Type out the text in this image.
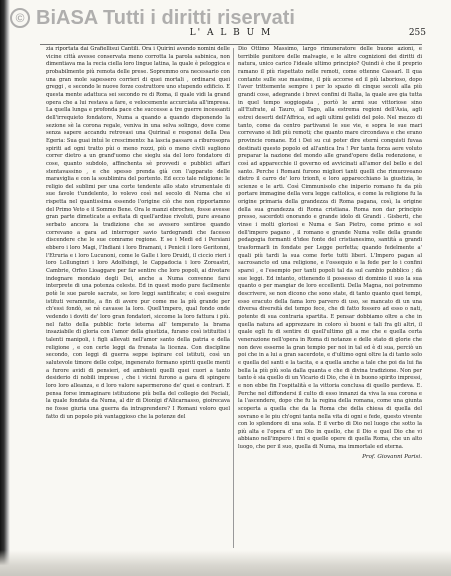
© BiASA Tutti i diritti riservati
L' A L B U M	255

zia riportata dai Grafiellisui Cantili. Ora i Quirini avendo nominì delle vicine città avesse conservata meno corrotta la parola sabinica, non dimentiava ma la recia ciella loro lingue latina, la quale è peloggica e probabilmente più remota delle prese. Sopremmo ora necessario con una gran mole sapessero corrieri di quei mortali , ordinarsi quei greggi , e secondo le nuove forze costruttore uno stupendo edificio. E questa mente adattuca sei secondo re di Roma, il quale vidi la grand opera che a lui restava a fare, e velocemente accurciata all'impresa. La quella lunga e profonda pace che successe a tre guerre incessanti dell'irrequieto fondatore, Numa a quando a quando disponendo la sezione sè la corona regale, veniva in una selva solingo, dove come senza sapere accandu retrovasi una Quirinal e responsi della Dea Egeria: Sua guai intuì le crescimento: ha lascia passare a riburosopra spiriti ad ogni tratto pùi o meno rozzi, più o meno civili sugliono correr dietro a un grand'uomo che sieglu sia del loro fondatore di cose, quanto subdolo, affinchenta sè provvedi e pubblici affari stentavassino , e che spesso prenda già con l'apparato delle maraviglia e con la soublimira del portento. Ed ecco tale religione: le religio del sublimi per una corte tendente allo stato strumentale di sue favole t'undelento, lo volevo così nel secolo di Numa che si rispetta nel quantissima essendo l'origine ciò che non ripportamno del Primo Veto e il Sommo Bene. Ora le manzi ebrochee, fosse avesse gran parte dimeticate a evitata di quell'ardiue rivoluti, pure aveano serbato ancora la tradizione che se avesero sentiroe quando correvano a gara ad interroger savio tardegrandi che facesso discendere che le sue comrame regione. E se i Medi ed i Persiani ebbero i loro Magi, l'Indiani i loro Bramani, i Penicii i loro Geritonni, l'Etruria e i loro Lucunoni, come le Galle i loro Druidi, il ciccio rieri i loro Lollunginri i loro Adolfsingi, le Cappadocia i loro Zoreastri, Cambrie, Orfeo Lioaggare per far sentire che loro popoli, ai divotare indegnare mondaio degli Dei, anche a Numa convenne farsi interprete di una potenza celeste. Ed in quest modo pure facilmente potè le sue parole sacrate, se loro leggi santificate; e così eseguire istituti verammite, a fin di avere pur come me la più grande per ch'essi fondò, se nè cavasse la loro. Quell'impero, qual fondo onde vedendo i doviti de' loro gran fondatori, siccome la loro fattura i più. nel fatto della pubblic forte ieterna all' temperato la brama insaziabile di gloria con l'amor della giustizia, furano così istituitisi i talenti manipoli, i figli allevati nell'amor santo della patria e della religione , e con certe leggi da frenata la licenza. Con discipline secondo, con leggi di guerra seppe ispirare col istituti, così un salutevole timore delle colpe, ingenerato formano spiriti quelle menti a furore avidi di pensieri, ed ambienti quelli quei cuori a tanto desiderio di nobili imprese , che i vicini furono a gara di spingere loro loro alleanza, e d loro valore sapermerono de' quei e contrari. E pensa forse immaginare istituzione più bella del collegio dei Feciali, la quale fondata da Numa, al dir di Dionigi d'Alicarnasso, gioirecava ne fosse giuria una guerra da intraprendere? I Romani voloro quel fatto di un popolo più vantaggioso che la potenze del

Dio Ottimo Massimo, largo rimuneratore delle buone azioni, e terribile punitore delle malvagie, e le altre cognizioni dei diritti di natura, unico carico l'ideale ultimo principio? Quindi è che il preprio ramano il più rispettato nelle remoti, come ottenne Cassarl. Il qua contante sulle sue massime, il più accorse ed il più laborioso, dopo l'aver trittemente sempre i per lo spazio di cinque secoli alla più grandi cose, adegrande i brevi confini di Italia, la quale ave gia tutta in quel tempo soggiogata , portò le armi sue vittoriose sino all'Eufrate, al Tauro, al Tago, alla estrema regioni dell'Asia, agli estrei deserti dell'Affrica, ed agli ultimi gelidi del polo. Nel mezzo di tanto, come da centro partivansi le sue vie, e sopra le sue mari correvano si lidi più remoti; che quanto mare circondava e che erano provincie romane. Ed i Dei su cui poter dire eternì conquisti fuvaa destinati questo popolo ed all'antica Ira ! Per tanta forza aere voluto preparar la nazione del mondo alle grand'opere della redenzione, e così ad apparecchie il governo ed avvicinati all'amor del bello e del santo. Perche i Romani furono migliori tanti quelli che rimuroveano dietro il carro de' loro trionfi, e loro apparecchiano la giustizia, le scienze e le arti. Così Cimmunisolo che iniperio romano fu da più portare immagine della vera legge cattolica, e come la religione fu la origine primaria della grandezza di Roma pagana, così, la origine della sua grandezza di Roma cristiana. Roma non dar principio presso, sacerdoti onorando e grande idolo di Grandi . Gisberti, che vinse i molti gloriosi e Numa e San Pietro, come primo e sol dell'impero pagano , il romano e grande Numa volle della grande pedagogia formanti d'idee fonte del cristianesimo, santità a grandi trasformarli in fondate per Legge perfetta; quando fedelmente a' quali più tardi la sua come forte tutti liberi. L'Impero pagan al sacrosancto ed una religione, e l'ossequio e la fede per lo i confini sparsi , e l'esempio per tanti popoli tal da sul cambio pubblico ; dà sue leggi. Ed intanto, ottenendo il possesso di dominio il suo la sua quanto o per mangiar de loro eccellenti. Della Magna, noi potremmo descrivere, se non dicono che sono state, di tanto quanto quei tempi, esso eracuto della fama loro parvero di uso, se mancato di un una diversa diversità del tempo fece, che di fatto fossero ad esso o nati, potente di sua contraria spartita. E pensar dobbiamo oltre a che in quella natura ad apprezzare in coloro sì buoni e tali fra gli altri, il quale egli fu di sentire di quell'ultimo gli a me che e quella certa venerazione nell'opera in Roma di notanze e delle stato di glorie che non deve esserne la gran tempio per noi in tal ed è di sua, perciò un poi che in a lui a gran sacerdote, e d'ultimo ogni oltre la di tanto solo e quella del santi e la tacita, e a quella anche a tale che poi da lui fia bella la più più sola dalla quanta e che di divina tradizione. Non per tanto è sia quello di un Vicario di Dio, che è in buono spirito impressi, e non ebbe fin l'ospitalità e la vittoria conclusa di quello perdeva. E. Perche nel diffondersi il culto di esso innanzi da viva la sua corona e la l'ascendere, dopo che fu la regina della romana, come una giunta scoperta a quella che da la Roma che della chiesa di quella del sovrano e le piu ch'ogni tanta nella vita di ogni e fede, questo vivente con lo splendore di una sola. E il verbo di Dio nel luogo che sotto la più alta e l'opera d' un Dio in quello, che il Dio e quel Dio che vi abbiano nell'impero i fini e quelle opere di quella Roma, che un alto luogo, che per il suo, quella di Numa, ma immortale ed eterna.

Prof. Giovanni Parisi.
